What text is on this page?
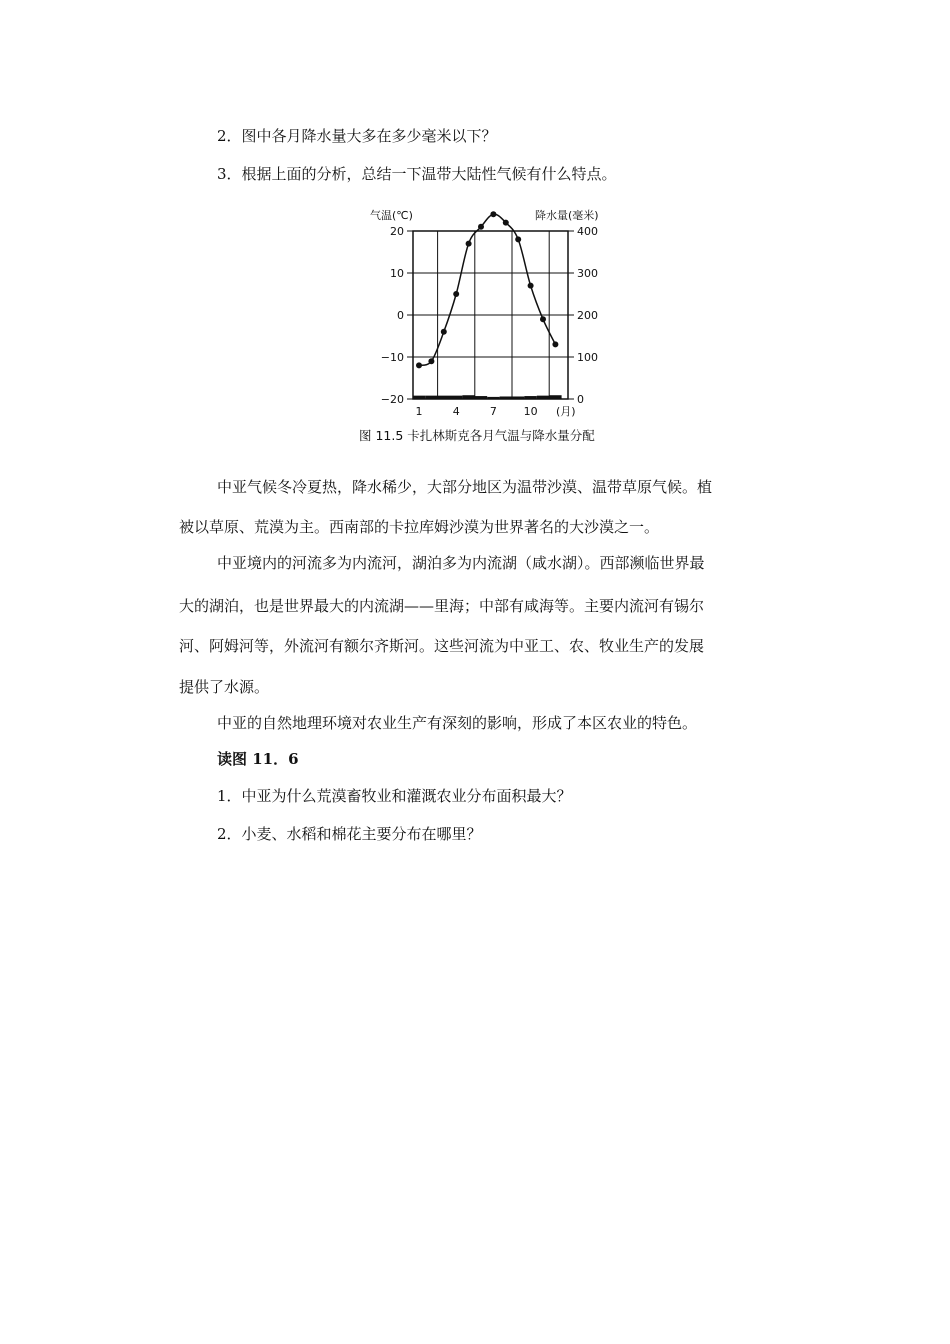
2．图中各月降水量大多在多少毫米以下？
3．根据上面的分析，总结一下温带大陆性气候有什么特点。
气温(℃)	降水量(毫米)
20
10
0
−10
−20
400
300
200
100
0
1	4	7 10 (月)
图 11.5 卡扎林斯克各月气温与降水量分配
中亚气候冬冷夏热，降水稀少，大部分地区为温带沙漠、温带草原气候。植
被以草原、荒漠为主。西南部的卡拉库姆沙漠为世界著名的大沙漠之一。
中亚境内的河流多为内流河，湖泊多为内流湖（咸水湖）。西部濒临世界最
大的湖泊，也是世界最大的内流湖——里海；中部有咸海等。主要内流河有锡尔
河、阿姆河等，外流河有额尔齐斯河。这些河流为中亚工、农、牧业生产的发展
提供了水源。
中亚的自然地理环境对农业生产有深刻的影响，形成了本区农业的特色。
读图 11．6
1．中亚为什么荒漠畜牧业和灌溉农业分布面积最大？
2．小麦、水稻和棉花主要分布在哪里？
